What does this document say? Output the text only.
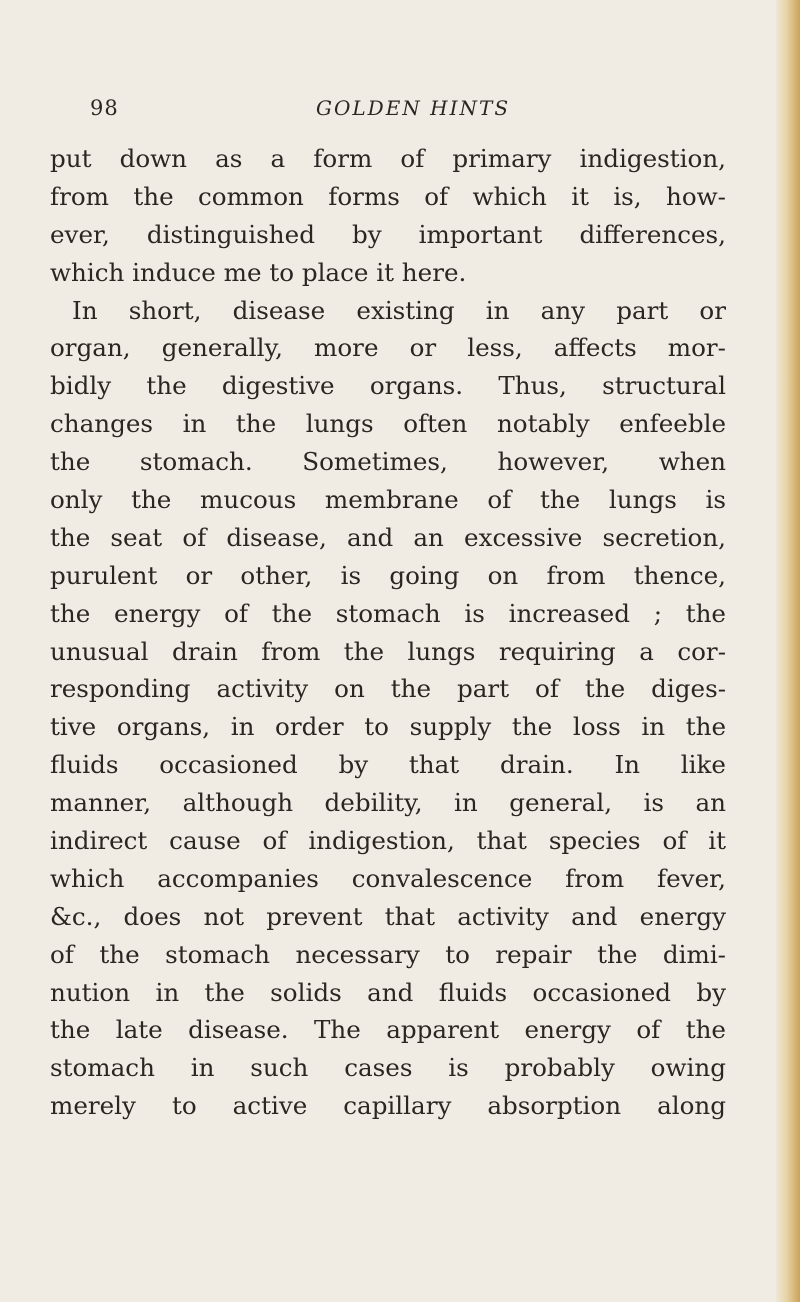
98	GOLDEN HINTS
put down as a form of primary indigestion,
from the common forms of which it is, how-
ever, distinguished by important differences,
which induce me to place it here.
In short, disease existing in any part or
organ, generally, more or less, affects mor-
bidly the digestive organs. Thus, structural
changes in the lungs often notably enfeeble
the stomach. Sometimes, however, when
only the mucous membrane of the lungs is
the seat of disease, and an excessive secretion,
purulent or other, is going on from thence,
the energy of the stomach is increased ; the
unusual drain from the lungs requiring a cor-
responding activity on the part of the diges-
tive organs, in order to supply the loss in the
fluids occasioned by that drain. In like
manner, although debility, in general, is an
indirect cause of indigestion, that species of it
which accompanies convalescence from fever,
&c., does not prevent that activity and energy
of the stomach necessary to repair the dimi-
nution in the solids and fluids occasioned by
the late disease. The apparent energy of the
stomach in such cases is probably owing
merely to active capillary absorption along
